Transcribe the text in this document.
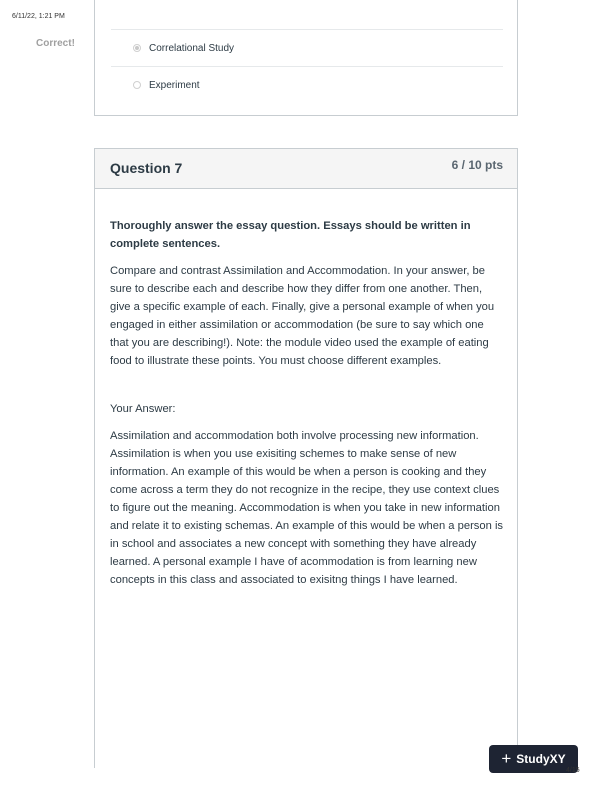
6/11/22, 1:21 PM
Correct!	Correlational Study
Experiment
Question 7	6 / 10 pts

Thoroughly answer the essay question. Essays should be written in complete sentences.

Compare and contrast Assimilation and Accommodation. In your answer, be sure to describe each and describe how they differ from one another. Then, give a specific example of each. Finally, give a personal example of when you engaged in either assimilation or accommodation (be sure to say which one that you are describing!). Note: the module video used the example of eating food to illustrate these points. You must choose different examples.

Your Answer:

Assimilation and accommodation both involve processing new information. Assimilation is when you use exisiting schemes to make sense of new information. An example of this would be when a person is cooking and they come across a term they do not recognize in the recipe, they use context clues to figure out the meaning. Accommodation is when you take in new information and relate it to existing schemas. An example of this would be when a person is in school and associates a new concept with something they have already learned. A personal example I have of acommodation is from learning new concepts in this class and associated to exisitng things I have learned.

+ StudyXY
4/15
